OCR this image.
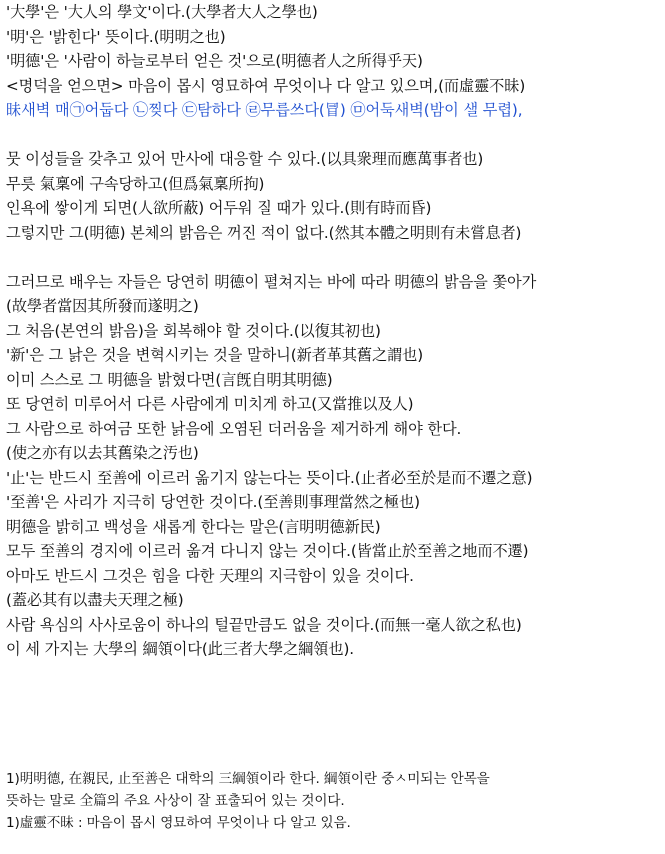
'大學'은 '大人의 學文'이다.(大學者大人之學也)
'明'은 '밝힌다' 뜻이다.(明明之也)
'明德'은 '사람이 하늘로부터 얻은 것'으로(明德者人之所得乎天)
<명덕을 얻으면> 마음이 몹시 영묘하여 무엇이나 다 알고 있으며,(而虛靈不昧)
昧새벽 매㉠어둡다 ㉡찢다 ㉢탐하다 ㉣무릅쓰다(冒) ㉤어둑새벽(밤이 샐 무렵),
뭇 이성들을 갖추고 있어 만사에 대응할 수 있다.(以具衆理而應萬事者也)
무릇 氣稟에 구속당하고(但爲氣稟所拘)
인욕에 쌓이게 되면(人欲所蔽) 어두워 질 때가 있다.(則有時而昏)
그렇지만 그(明德) 본체의 밝음은 꺼진 적이 없다.(然其本體之明則有未嘗息者)
그러므로 배우는 자들은 당연히 明德이 펼쳐지는 바에 따라 明德의 밝음을 쫓아가
(故學者當因其所發而遂明之)
그 처음(본연의 밝음)을 회복해야 할 것이다.(以復其初也)
'新'은 그 낡은 것을 변혁시키는 것을 말하니(新者革其舊之謂也)
이미 스스로 그 明德을 밝혔다면(言旣自明其明德)
또 당연히 미루어서 다른 사람에게 미치게 하고(又當推以及人)
그 사람으로 하여금 또한 낡음에 오염된 더러움을 제거하게 해야 한다.
(使之亦有以去其舊染之汚也)
'止'는 반드시 至善에 이르러 옮기지 않는다는 뜻이다.(止者必至於是而不遷之意)
'至善'은 사리가 지극히 당연한 것이다.(至善則事理當然之極也)
明德을 밝히고 백성을 새롭게 한다는 말은(言明明德新民)
모두 至善의 경지에 이르러 옮겨 다니지 않는 것이다.(皆當止於至善之地而不遷)
아마도 반드시 그것은 힘을 다한 天理의 지극함이 있을 것이다.
(蓋必其有以盡夫天理之極)
사람 욕심의 사사로움이 하나의 털끝만큼도 없을 것이다.(而無一毫人欲之私也)
이 세 가지는 大學의 綱領이다(此三者大學之綱領也).
1)明明德, 在親民, 止至善은 대학의 三綱領이라 한다. 綱領이란 중ㅅ미되는 안목을
뜻하는 말로 全篇의 주요 사상이 잘 표출되어 있는 것이다.
1)虛靈不昧 : 마음이 몹시 영묘하여 무엇이나 다 알고 있음.
